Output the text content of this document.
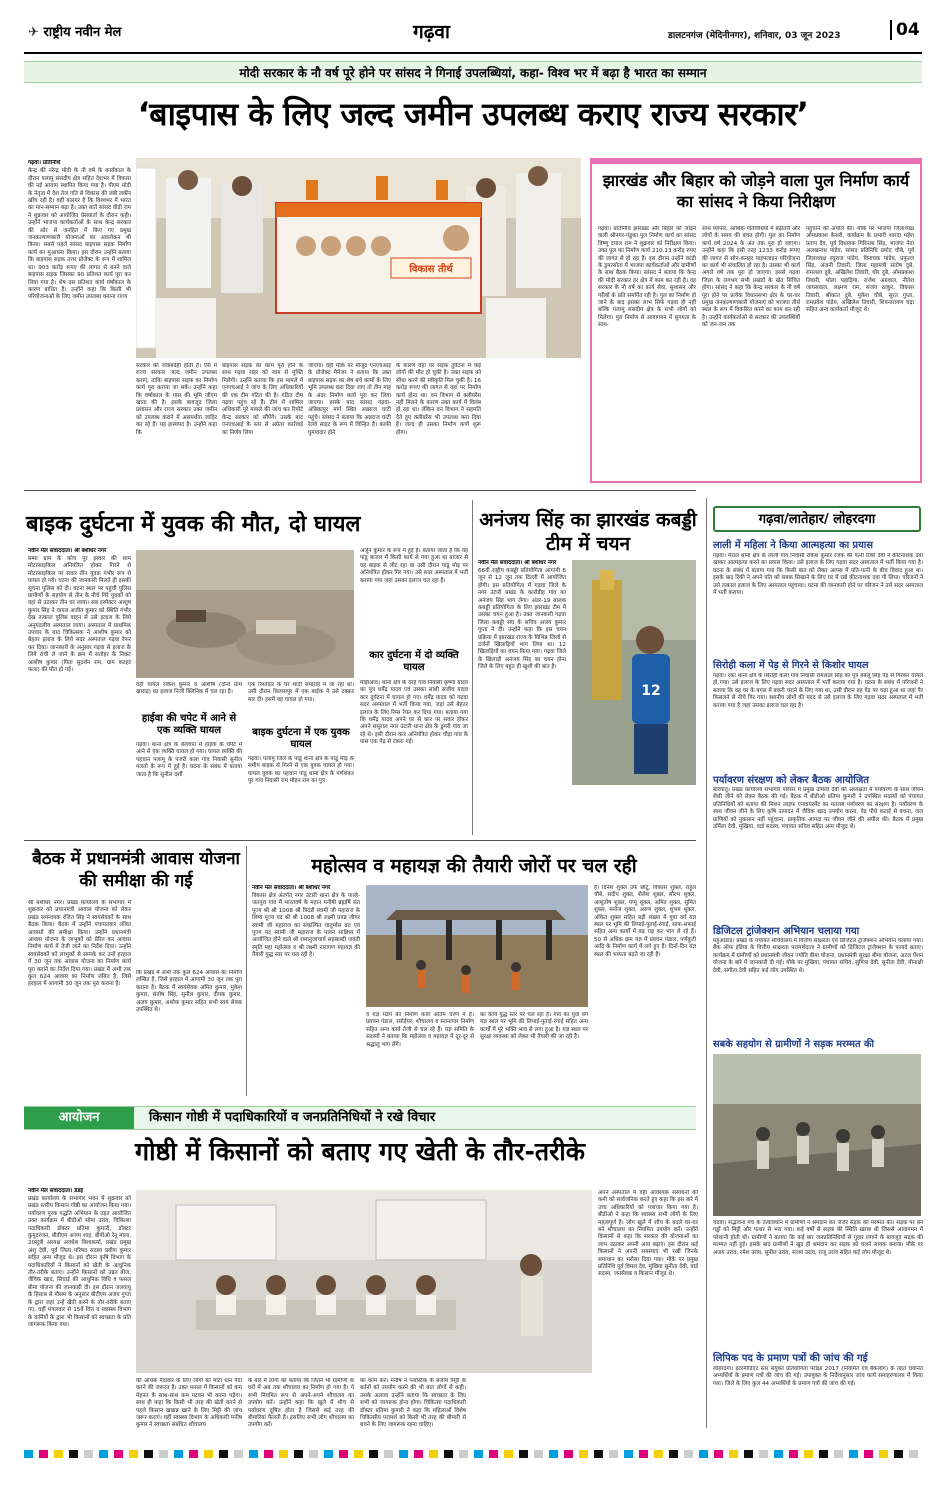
✈ राष्ट्रीय नवीन मेल	गढ़वा	डालटनगंज (मेदिनीनगर), शनिवार, 03 जून 2023	04
मोदी सरकार के नौ वर्ष पूरे होने पर सांसद ने गिनाई उपलब्धियां, कहा- विश्व भर में बढ़ा है भारत का सम्मान
‘बाइपास के लिए जल्द जमीन उपलब्ध कराए राज्य सरकार’

गढ़वा। प्रतिनिधि

केन्द्र की नरेन्द्र मोदी के नौ वर्ष के कार्यकाल के दौरान पलामू संसदीय क्षेत्र सहित देशभर में विकास की नई आयाम स्थापित किया गया है। पीएम मोदी के नेतृत्व में देश तेज गति से विकास की लंबी लकीर खींच रही है। वहीं कारगर है कि विश्वभर में भारत का मान-सम्मान बढ़ा है। उक्त बातें सांसद वीडी राम ने शुक्रवार को आयोजित प्रेसवार्ता के दौरान कही। उन्होंने भाजपा कार्यकर्ताओं के साथ केन्द्र सरकार की ओर से जनहित में किए गए प्रमुख जनकल्याणकारी योजनाओं का अवलोकन भी किया। सबसे पहले सांसद बाइपास सड़क निर्माण कार्य का मुआयना किया। इस दौरान उन्होंने बताया कि बाइपास सड़क उत्तर प्रोजेक्ट के रूप में शामिल था। 903 करोड़ रूपए की लागत से बनने वाले बाइपास सड़क जिसका 90 प्रतिशत कार्य पूरा कर लिया गया है। शेष दस प्रतिशत कार्य वर्षाकाल के कारण बाधित है। उन्होंने कहा कि किसी भी परियोजनाओं के लिए जमीन उपलब्ध कराना राज्य

विकास तीर्थ
सरकार की जवाबदेही होती है। ऐसे में राज्य सरकार जल्द जमीन उपलब्ध कराएं, ताकि बाइपास सड़क का निर्माण कार्य पूरा कराया जा सके। उन्होंने कहा कि वर्षाकाल के पास की भूमि जीएम खाता की है। इसके बावजूद जिला प्रशासन और राज्य सरकार उक्त जमीन को उपलब्ध कराने में असमर्थता जाहिर कर रहे हैं। यह हास्यपद है। उन्होंने कहा कि
बाइपास सड़क का काम पूरा होने के साथ गढ़वा शहर को जाम से मुक्ति मिलेगी। उन्होंने बताया कि इस मामले में एनएचआई ने जांच के लिए अधिकारियों की एक टीम गठित की है। गठित टीम गढ़वा पहुंच रहे हैं। टीम में शामिल अधिकारी पूरे मामले की जांच कर रिपोर्ट केन्द्र सरकार को सौंपेंगे। उसके बाद एनएचआई के स्तर से अग्रेतर कार्रवाई का निर्णय लिया
जाएगा। वहीं मौके पर मौजूद एनएचआई के प्रोजेक्ट मैनेजर ने बताया कि उक्त बाइपास सड़क का शेष बचे कामों के लिए भूमि उपलब्ध करा दिया जाए तो तीन माह के अंदर निर्माण कार्य पूरा कर लिया जाएगा। इसके बाद सांसद गढ़वा-अंबिकापुर मार्ग स्थित अन्नराज घाटी पहुंचे। सांसद ने बताया कि अन्नराज घाटी रेलवे साइट के रूप में चिन्हित है। काफी घुमावदार होने
के कारण वहां पर सड़क दुर्घटना में कई लोगों की मौत हो चुकी है। उक्त सड़क को सीधा करने की स्वीकृति मिल चुकी है। 16 करोड़ रूपए की लागत से वहां पर निर्माण कार्य होना था। वन विभाग से क्लीयरेंस नहीं मिलने के कारण उक्त कार्य में विलंब हो रहा था। लेकिन वन विभाग ने सहमति देते हुए क्लीयरेंस भी उपलब्ध करा दिया है। जल्द ही उसका निर्माण कार्य शुरू होगा।
झारखंड और बिहार को जोड़ने वाला पुल निर्माण कार्य का सांसद ने किया निरीक्षण
गढ़वा। प्रतिनिधि झारखंड और बिहार को जोड़ने वाली श्रीनगर-पंडुका पुल निर्माण कार्य का सांसद विष्णु दयाल राम ने शुक्रवार को निरीक्षण किया। उक्त पुल का निर्माण कार्य 210.13 करोड़ रुपए की लागत से हो रहा है। इस दौरान उन्होंने कांडी के डुमरसोता में भाजपा कार्यकर्ताओं और ग्रामीणों के साथ बैठक किया। सांसद ने बताया कि केन्द्र की मोदी सरकार हर क्षेत्र में काम कर रही है। वह सरकार के नौ वर्ष का कार्य सेवा, सुशासन और गरीबों के प्रति समर्पित रही है। पुल का निर्माण हो जाने के बाद इसका लाभ सिर्फ गढ़वा ही नहीं बल्कि पलामू संसदीय क्षेत्र के सभी लोगों को मिलेगा। पुल निर्माण से आवागमन में सुगमता के साथ-
साथ व्यापार, आर्थिक गतिविधियों में बढ़ोतरी और लोगों के समय की बचत होगी। पुल का निर्माण कार्य वर्ष 2024 के अंत तक पूरा हो जाएगा। उन्होंने कहा कि इसी तरह 1233 करोड़ रूपए की लागत से सोन-कनहर पाइपलाइन परियोजना का कार्य भी संचालित हो रहा है। उसका भी कार्य अगले वर्ष तक पूरा हो जाएगा। इससे गढ़वा जिला के लगभग सभी प्रखंडों के खेत सिंचित होगा। सांसद ने कहा कि केन्द्र सरकार के नौ वर्ष पूरा होने पर प्रत्येक विधानसभा क्षेत्र के घर-घर प्रमुख जनकल्याणकारी योजनाएं को भाजपा तीर्थ स्थल के रूप में विकसित करने का काम कर रही है। उन्होंने कार्यकर्ताओं से सरकार की उपलब्धियों को जन-जन तक
पहुंचाने की अपील की। मौके पर भाजपा जिलाध्यक्ष ओमप्रकाश केसरी, कार्यक्रम के प्रभारी शारदा महेश प्रताप देव, पूर्व विधायक गिरिनाथ सिंह, भाजपा नेता अलखनाथ पांडेय, सांसद प्रतिनिधि प्रमोद चौबे, पूर्व जिलाध्यक्ष रघुराज पांडेय, विनायक पांडेय, प्रफुल्ल सिंह, अंजनी तिवारी, जिला महामंत्री संतोष दुबे, रामलला दुबे, अखिलेश तिवारी, धीर दुबे, ओमप्रकाश तिवारी, भोला पहाड़िया, राजेश अग्रवाल, नीतेश जायसवाल, लक्ष्मण राम, संजय ठाकुर, विकास तिवारी, श्रीकांत दुबे, मुकेश चौबे, सुरत गुप्ता, रामप्रवेश पांडेय, अखिलेश तिवारी, शिवनारायण चंद्रा सहित अन्य कार्यकर्ता मौजूद थे।
बाइक दुर्घटना में युवक की मौत, दो घायल

नवीन मेल संवाददाता। श्री बंशीधर नगर

बम्मा ग्राम के कोच पुर इस्वार की शाम मोटरसाइकिल अनियंत्रित होकर गिरने से मोटरसाइकिल पर सवार तीन युवक गंभीर रूप से घायल हो गये। घटना की जानकारी मिलते ही इसकी सूचना पुलिस को दी। घटना स्थल पर पहुंची पुलिस ग्रामीणों के सहयोग से तीन के नीचे गिरे युवकों को वहां से उठाकर तीन घर लाया। सब इंस्पेक्टर आशुष कुमार सिंह ने घायल अजीत कुमार को स्थिति गंभीर देख तत्काल पुलिस वाहन से उसे इलाज के लिये अनुमंडलीय अस्पताल लाया। अस्पताल में प्राथमिक उपचार के बाद चिकित्सक ने आशीष कुमार को बेहतर इलाज के लिये सदर अस्पताल गढ़वा रेफर कर दिया। जानकारी के अनुसार गढ़वा से इलाज के लिये रांची ले जाने के क्रम में सतोहर के निकट आशीष कुमार (पिता सुदर्शन राम, ग्राम कटहर कला) की मौत हो गई।

वहीं घायल राकेश कुमार व आशीष (दोनों ग्राम खाराड़) का इलाज निजी क्लिनिक में चल रहा है।
हाईवा की चपेट में आने से एक व्यक्ति घायल
गढ़वा। थाना क्षेत्र के बेलचंपा में हाईवा के चपेट में आने से एक व्यक्ति घायल हो गया। घायल व्यक्ति की पहचान पलामू के पंजरी कला गांव निवासी सुनील मलतो के रूप में हुई है। घटना के संबंध में बताया जाता है कि सुनील दर्शी
एक रिश्तेदार के घर शादी समारोह में जा रहा था। उसी दौरान बिलासपुर में एक बाईक ने उसे टक्कर मार दी। इसमें वह घायल हो गया।
बाइक दुर्घटना में एक युवक घायल
गढ़वा। पलामू जिले के पांडू थाना क्षेत्र के पांडू मोड़ के समीप बाइक से गिरने से एक युवक घायल हो गया। घायल युवक का पहचान पांडू थाना क्षेत्र के पर्णशंकर पुर गांव निवासी राम मोहन राम का पुत्र
अर्जुन कुमार के रूप में हुई है। बताया जाता है कि वह पांडू बाजार में किसी कार्य से गया हुआ था बाजार से वह बाइक से लौट रहा था उसी दौरान पांडू मोड़ पर अनियंत्रित होकर गिर गया। उसे सदर अस्पताल में भर्ती कराया गया जहां उसका इलाज चल रहा है।
कार दुर्घटना में दो व्यक्ति घायल
मझिआंव। थाना क्षेत्र के दरहे गांव निवासी कृष्णा यादव का पुत्र धर्मेंद्र यादव एवं उसका साथी संजीव यादव कार दुर्घटना में घायल हो गए। धर्मेंद्र यादव को गढ़वा सदर अस्पताल में भर्ती किया गया, जहां उसे बेहतर इलाज के लिए रिम्स रेफर कर दिया गया। बताया गया कि धर्मेंद्र यादव अपने घर से कार पर सवार होकर अपने ससुराल नगर उंटारी थाना क्षेत्र के डुमरी गांव जा रहे थे। इसी दौरान कार अनियंत्रित होकर चौड़ा गांव के पास एक पेड़ से टकरा गई।
अनंजय सिंह का झारखंड कबड्डी टीम में चयन

नवीन मेल संवाददाता। श्री बंशीधर नगर

66वीं राष्ट्रीय कबड्डी प्रतियोगिता आगामी 6 जून से 12 जून तक दिल्ली में आयोजित होगी। इस प्रतियोगिता में गढ़वा जिले के नगर उंटारी प्रखंड के कारोडीह गांव का अनंजय सिंह भाग लेगा। अंडर-19 बालक कबड्डी प्रतियोगिता के लिए झारखंड टीम में उसका चयन हुआ है। उक्त जानकारी गढ़वा जिला कबड्डी संघ के सचिव अजय कुमार गुप्ता ने दी। उन्होंने कहा कि इस चयन प्रक्रिया में झारखंड राज्य के विभिन्न जिलों से दर्जनों खिलाड़ियों भाग लिया था। 12 खिलाड़ियों का चयन किया गया। गढ़वा जिले के खिलाड़ी अनंजय सिंह का चयन होना जिले के लिए बहुत ही खुशी की बात है।

12
गढ़वा/लातेहार/ लोहरदगा
लाली में महिला ने किया आत्महत्या का प्रयास
गढ़वा। मेराल थाना क्षेत्र के लाली गांव निवासी राकेश कुमार रजक की पत्नी रिंकी देवी ने कीटनाशक दवा खाकर आत्महत्या करने का प्रयास किया। उसे इलाज के लिए गढ़वा सदर अस्पताल में भर्ती किया गया है। घटना के संबंध में बताया गया कि किसी बात को लेकर आपस में पति-पत्नी के बीच विवाद हुआ था। इसके बाद रिंकी ने अपने पति को सबक सिखाने के लिए घर में रखे कीटनाशक दवा पी लिया। परिजनों ने उसे तत्काल इलाज के लिए अस्पताल पहुंचाया। घटना की जानकारी होने पर परिजन ने उसे सदर अस्पताल में भर्ती कराया।
सिरोही कला में पेड़ से गिरने से किशोर घायल
गढ़वा। रंका थाना क्षेत्र के सिरोही कला गांव निवासी रामलाल सिंह का पुत्र बबलू सिंह पेड़ से गिरकर घायल हो गया। उसे इलाज के लिए गढ़वा सदर अस्पताल में भर्ती कराया गया है। घटना के संबंध में परिजनों ने बताया कि वह घर के बगल में बकरी चराने के लिए गया था, उसी दौरान वह पेड़ पर चढ़ा हुआ था जहां पैर फिसलने से नीचे गिर गया। स्थानीय लोगों की मदद से उसे इलाज के लिए गढ़वा सदर अस्पताल में भर्ती कराया गया है जहां उसका इलाज चल रहा है।
पर्यावरण संरक्षण को लेकर बैठक आयोजित
बरियातू। प्रखंड कार्यालय सभागार परिसर में प्रमुख उर्मिला देवी की अध्यक्षता में पर्यावरण के साथ जीवन शैली जीने को लेकर बैठक की गई। बैठक में बीडीओ प्रतिमा कुमारी ने उपस्थित सदस्यों को पंचायत प्रतिनिधियों को बताया की मिशन लाइफ एनवायरमेंट का मतलब पर्यावरण का संरक्षण है। पर्यावरण के साथ जीवन जीने के लिए कृषि उत्पादन में जैविक खाद उपयोग करना, पेड़ पौधे कटाई से बचना, जल प्राणियों को नुकसान नहीं पहुंचाना, प्राकृतिक आपदा पर जीवन जीने की अपील की। बैठक में प्रमुख उर्मिला देवी, मुखिया, वार्ड सदस्य, पंचायत सचिव सहित अन्य मौजूद थे।
डिजिटल ट्रांजेक्शन अभियान चलाया गया
महुआडांड़। प्रखंड के पंचायत सचिवालय में वित्तीय साक्षरता एवं डिजिटल ट्रांजेक्शन अभियान चलाया गया। बैंक ऑफ इंडिया के वित्तीय साक्षरता परामर्शदाता ने ग्रामीणों को डिजिटल ट्रांजेक्शन के फायदे बताए। कार्यक्रम में ग्रामीणों को प्रधानमंत्री जीवन ज्योति बीमा योजना, प्रधानमंत्री सुरक्षा बीमा योजना, अटल पेंशन योजना के बारे में जानकारी दी गई। मौके पर मुखिया, पंचायत सचिव, सुमित्रा देवी, सुनीता देवी, मीनाक्षी देवी, संगीता देवी सहित कई लोग उपस्थित थे।
सबके सहयोग से ग्रामीणों ने सड़क मरम्मत की
चंदवा। सद्भावना मंच के तत्वावधान में ग्रामीणों ने श्रमदान कर जर्जर सड़क की मरम्मत की। सड़क पर बने गड्ढों को मिट्टी और पत्थर से भरा गया। कई वर्षों से सड़क की स्थिति खराब थी जिससे आवागमन में परेशानी होती थी। ग्रामीणों ने बताया कि कई बार जनप्रतिनिधियों से गुहार लगाने के बावजूद सड़क की मरम्मत नहीं हुई। इसके बाद ग्रामीणों ने खुद ही श्रमदान कर सड़क को चलने लायक बनाया। मौके पर अजय उरांव, रमेश उरांव, सुनील उरांव, संजय उरांव, राजू उरांव सहित कई लोग मौजूद थे।
लिपिक पद के प्रमाण पत्रों की जांच की गई
लोहरदगा। इंटरमीडिएट स्तर संयुक्त प्रतियोगिता परीक्षा 2017 (नियमित एवं बैकलॉग) के तहत चयनित अभ्यर्थियों के प्रमाण पत्रों की जांच की गई। उपायुक्त के निर्देशानुसार जांच कार्य समाहरणालय में किया गया। जिले के लिए कुल 44 अभ्यर्थियों के प्रमाण पत्रों की जांच की गई।
बैठक में प्रधानमंत्री आवास योजना की समीक्षा की गई
श्री बंशीधर नगर। प्रखंड कार्यालय के सभागार में शुक्रवार को प्रधानमंत्री आवास योजना को लेकर प्रखंड समन्वयक रंजित सिंह ने स्वयंसेवकों के साथ बैठक किया। बैठक में उन्होंने पंचायतवार लंबित आवासों की समीक्षा किया। उन्होंने प्रधानमंत्री आवास योजना के लाभुकों को प्रेरित कर आवास निर्माण कार्य में तेजी लाने का निर्देश दिया। उन्होंने स्वयंसेवकों को लाभुकों से सम्पर्क कर उन्हें हरहाल में 30 जून तक आवास योजना का निर्माण कार्य पूरा कराने का निर्देश दिया गया। प्रखंड में अभी तक कुल 624 आवास का निर्माण लंबित है, जिसे हरहाल में आगामी 30 जून तक पूरा कराना है।
कि प्रखंड में अभी तक कुल 624 आवास का निर्माण लम्बित है, जिसे हरहाल में आगामी 30 जून तक पूरा कराना है। बैठक में स्वयंसेवक अमित कुमार, मुकेश कुमार, संतोष सिंह, सुनील कुमार, दीपक कुमार, अजय कुमार, अशोक कुमार सहित सभी स्वयं सेवक उपस्थित थे।
महोत्सव व महायज्ञ की तैयारी जोरों पर चल रही

नवीन मेल संवाददाता। श्री बंशीधर नगर

विकास क्षेत्र अंतर्गत नगर उंटारी थाना क्षेत्र के पाल्हे-जतपुरा गांव में भारतवर्ष के महान मनीषी ब्रह्मर्षि संत पूज्य श्री श्री 1008 श्री त्रिदंडी स्वामी जी महाराज के शिष्य पूज्य पद श्री श्री 1008 श्री लक्ष्मी प्रपन्न जीयर स्वामी जी महाराज का संकल्पित चातुर्मास व्रत एवं पूज्य पद स्वामी जी महाराज के पावन सान्निध्य में आयोजित होने वाले श्री रामानुजाचार्य सहस्राब्दी जयंती स्मृति महा महोत्सव व श्री लक्ष्मी नारायण महायज्ञ की तैयारी युद्ध स्तर पर चल रही है।

व यज्ञ मंडप का निर्माण कार्य अंतिम चरण में है। प्रवचन पंडाल, रसोईघर, शौचालय व स्नानागार निर्माण सहित अन्य कार्य तेजी से चल रहे हैं। यज्ञ समिति के सदस्यों ने बताया कि महोत्सव व महायज्ञ में दूर-दूर से श्रद्धालु भाग लेंगे।
का कार्य युद्ध स्तर पर चल रहा है। गांव का युवा वर्ग यज्ञ स्थल पर भूमि की लिपाई-पुताई-रंगाई सहित अन्य कार्यों में पूरे भक्ति भाव से लगा हुआ है। यज्ञ स्थल पर सुरक्षा व्यवस्था को लेकर भी तैयारी की जा रही है।
है। दिनेश शुक्ल उर्फ छोटू, विकास शुक्ल, राहुल चौबे, संदीप शुक्ल, शैलेश शुक्ल, सौरभ शुक्ल, आशुतोष शुक्ल, पप्पू शुक्ल, अमित शुक्ल, सुमित शुक्ल, मनोज शुक्ल, अरुण शुक्ल, शुभम शुक्ल, अंकित शुक्ल सहित बड़ी संख्या में युवा वर्ग यज्ञ स्थल पर भूमि की लिपाई-पुताई-रंगाई, साफ-सफाई सहित अन्य कार्यों में बढ़ चढ़ कर भाग ले रहे हैं। 50 से अधिक क्रम यज्ञ में प्रवचन पंडाल, पर्णकुटी आदि के निर्माण कार्य में लगे हुए हैं। दिनों-दिन यज्ञ स्थल की भव्यता बढ़ते जा रही है।
आयोजन	किसान गोष्ठी में पदाधिकारियों व जनप्रतिनिधियों ने रखे विचार
गोष्ठी में किसानों को बताए गए खेती के तौर-तरीके

नवीन मेल संवाददाता। डंडई

प्रखंड कार्यालय के सभागार भवन में शुक्रवार को प्रखंड स्तरीय किसान गोष्ठी का आयोजन किया गया। पर्यावरण पूरक पद्धति अभियान के तहत आयोजित उक्त कार्यक्रम में बीडीओ सोमा उरांव, चिकित्सा पदाधिकारी डॉक्टर प्रतिमा कुमारी, डॉक्टर कुमुदरंजन, बीडीएम अजय शाह, बीपीओ रेनू माला, 20सूत्री अध्यक्ष अवधेश विश्वकर्मा, प्रखंड प्रमुख अंशु देवी, पूर्व जिला परिषद सदस्य प्रवीण कुमार सहित अन्य मौजूद थे। इस दौरान कृषि विभाग के पदाधिकारियों ने किसानों को खेती के आधुनिक तौर-तरीके बताए। उन्होंने किसानों को उन्नत बीज, जैविक खाद, सिंचाई की आधुनिक विधि व फसल बीमा योजना की जानकारी दी। इस दौरान जलवायु के हिसाब से मौसम के अनुसार बीटीएम अजय गुप्ता के द्वारा जहां उन्हें खेती करने के तौर-तरीके बताए गए, वहीं मंगलवार से 15वें वित्त व स्वास्थ्य विभाग के कर्मियों के द्वारा भी किसानों को स्वच्छता के प्रति जागरूक किया गया।

की अधिक पैदावार के लिए लोगों को मोटा धान पैदा करने की जरूरत है। उक्त फसल में किसानों को कम मेहनत के साथ-साथ कम पटवन भी करना पड़ेगा। साथ ही कहा कि किसी भी तरह की खेती करने से पहले किसान खाद्यन्न खाने के लिए मिट्टी की जांच जरूर कराएं। वहीं स्वास्थ्य विभाग के अधिकारी मनीष कुमार ने स्वच्छता संबंधित शौचालय
के बारे में लोगों को बताया कि जितने भी ग्रामीणों के घरों में अब तक शौचालय का निर्माण हो गया है। ये सभी नियमित रूप से अपने-अपने शौचालय का उपयोग करें। उन्होंने कहा कि खुले में शौच से पर्यावरण दूषित होता है जिससे कई तरह की बीमारियां फैलती हैं। इसलिए सभी लोग शौचालय का उपयोग करें।
का काम करें। मनीष ने प्लास्टिक के बजाय मिट्टी के बर्तनों को उपयोग करने की भी बात लोगों से कही। उसके अलावा उन्होंने बताया कि स्वच्छता के लिए सभी को जागरूक होना होगा। चिकित्सा पदाधिकारी डॉक्टर प्रतिमा कुमारी ने कहा कि महिलाओं विशेष चिकित्सीय परामर्श को किसी भी तरह की बीमारी से बचने के लिए जागरूक रहना चाहिए।
अपने अस्पताल में वहीं आवश्यक संसाधनों की कमी को सार्वजनिक करते हुए कहा कि इस बारे में उच्च अधिकारियों को पत्राचार किया गया है। बीडीओ ने कहा कि स्वास्थ्य सभी लोगों के लिए महत्वपूर्ण है। लोग खुले में शौच के बदले घर-घर बने शौचालय का नियमित उपयोग करें। उन्होंने किसानों से कहा कि सरकार की योजनाओं का लाभ उठाकर अपनी आय बढ़ाएं। इस दौरान कई किसानों ने अपनी समस्याएं भी रखीं जिनके समाधान का भरोसा दिया गया। मौके पर प्रमुख प्रतिनिधि पूर्व विमल देव, मुखिया सुनीता देवी, वार्ड सदस्य, जनसेवक व किसान मौजूद थे।
